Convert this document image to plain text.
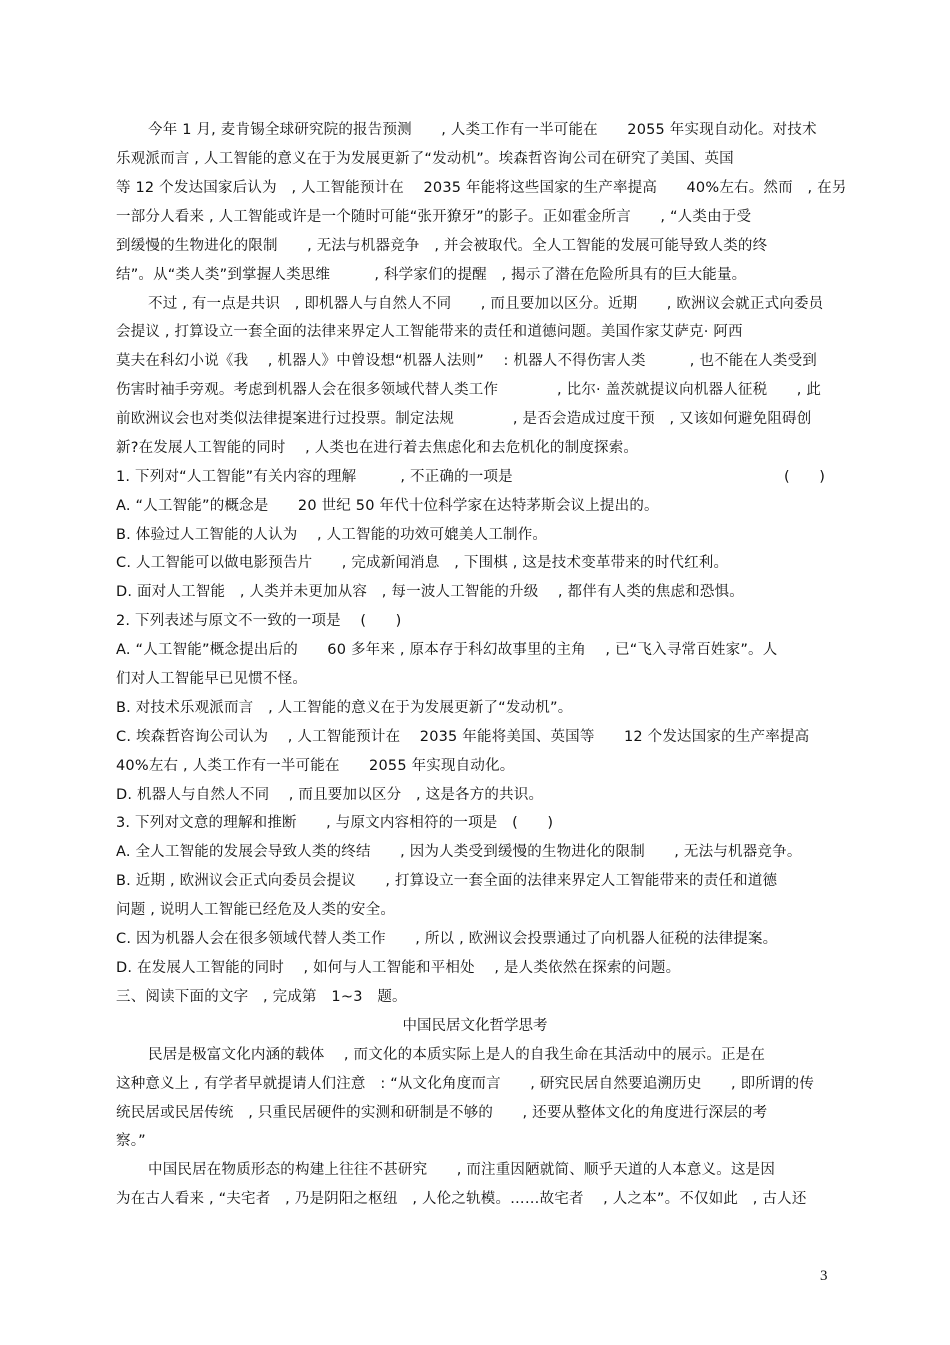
今年 1 月, 麦肯锡全球研究院的报告预测　　, 人类工作有一半可能在　　2055 年实现自动化。对技术
乐观派而言 , 人工智能的意义在于为发展更新了“发动机”。埃森哲咨询公司在研究了美国、英国
等 12 个发达国家后认为　, 人工智能预计在　 2035 年能将这些国家的生产率提高　　40%左右。然而　, 在另
一部分人看来 , 人工智能或许是一个随时可能“张开獠牙”的影子。正如霍金所言　　, “人类由于受
到缓慢的生物进化的限制　　, 无法与机器竞争　, 并会被取代。全人工智能的发展可能导致人类的终
结”。从“类人类”到掌握人类思维　　　, 科学家们的提醒　, 揭示了潜在危险所具有的巨大能量。
不过 , 有一点是共识　, 即机器人与自然人不同　　, 而且要加以区分。近期　　, 欧洲议会就正式向委员
会提议 , 打算设立一套全面的法律来界定人工智能带来的责任和道德问题。美国作家艾萨克· 阿西
莫夫在科幻小说《我　 , 机器人》中曾设想“机器人法则”　 : 机器人不得伤害人类　　　, 也不能在人类受到
伤害时袖手旁观。考虑到机器人会在很多领域代替人类工作　　　　, 比尔· 盖茨就提议向机器人征税　　, 此
前欧洲议会也对类似法律提案进行过投票。制定法规　　　　, 是否会造成过度干预　, 又该如何避免阻碍创
新?在发展人工智能的同时　 , 人类也在进行着去焦虑化和去危机化的制度探索。
1. 下列对“人工智能”有关内容的理解　　　, 不正确的一项是	(　　)
A. “人工智能”的概念是　　20 世纪 50 年代十位科学家在达特茅斯会议上提出的。
B. 体验过人工智能的人认为　 , 人工智能的功效可媲美人工制作。
C. 人工智能可以做电影预告片　　, 完成新闻消息　, 下围棋 , 这是技术变革带来的时代红利。
D. 面对人工智能　, 人类并未更加从容　, 每一波人工智能的升级　 , 都伴有人类的焦虑和恐惧。
2. 下列表述与原文不一致的一项是　 (　　)
A. “人工智能”概念提出后的　　60 多年来 , 原本存于科幻故事里的主角　 , 已“飞入寻常百姓家”。人
们对人工智能早已见惯不怪。
B. 对技术乐观派而言　, 人工智能的意义在于为发展更新了“发动机”。
C. 埃森哲咨询公司认为　 , 人工智能预计在　 2035 年能将美国、英国等　　12 个发达国家的生产率提高
40%左右 , 人类工作有一半可能在　　2055 年实现自动化。
D. 机器人与自然人不同　 , 而且要加以区分　, 这是各方的共识。
3. 下列对文意的理解和推断　　, 与原文内容相符的一项是　(　　)
A. 全人工智能的发展会导致人类的终结　　, 因为人类受到缓慢的生物进化的限制　　, 无法与机器竞争。
B. 近期 , 欧洲议会正式向委员会提议　　, 打算设立一套全面的法律来界定人工智能带来的责任和道德
问题 , 说明人工智能已经危及人类的安全。
C. 因为机器人会在很多领域代替人类工作　　, 所以 , 欧洲议会投票通过了向机器人征税的法律提案。
D. 在发展人工智能的同时　 , 如何与人工智能和平相处　 , 是人类依然在探索的问题。
三、阅读下面的文字　, 完成第　1~3　题。
中国民居文化哲学思考
民居是极富文化内涵的载体　 , 而文化的本质实际上是人的自我生命在其活动中的展示。正是在
这种意义上 , 有学者早就提请人们注意　: “从文化角度而言　　, 研究民居自然要追溯历史　　, 即所谓的传
统民居或民居传统　, 只重民居硬件的实测和研制是不够的　　, 还要从整体文化的角度进行深层的考
察。”
中国民居在物质形态的构建上往往不甚研究　　, 而注重因陋就简、顺乎天道的人本意义。这是因
为在古人看来 , “夫宅者　, 乃是阴阳之枢纽　, 人伦之轨模。……故宅者　 , 人之本”。不仅如此　, 古人还
3
